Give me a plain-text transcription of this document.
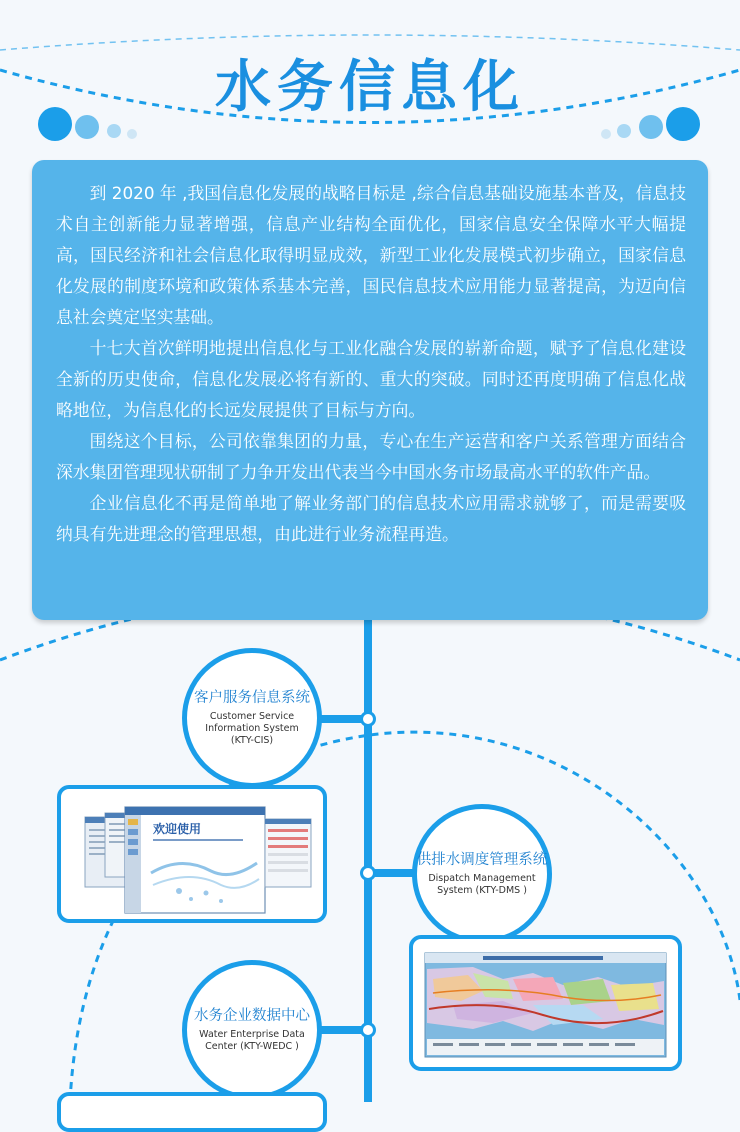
水务信息化

到 2020 年 ,我国信息化发展的战略目标是 ,综合信息基础设施基本普及，信息技术自主创新能力显著增强，信息产业结构全面优化，国家信息安全保障水平大幅提高，国民经济和社会信息化取得明显成效，新型工业化发展模式初步确立，国家信息化发展的制度环境和政策体系基本完善，国民信息技术应用能力显著提高，为迈向信息社会奠定坚实基础。

十七大首次鲜明地提出信息化与工业化融合发展的崭新命题，赋予了信息化建设全新的历史使命，信息化发展必将有新的、重大的突破。同时还再度明确了信息化战略地位，为信息化的长远发展提供了目标与方向。

围绕这个目标，公司依靠集团的力量，专心在生产运营和客户关系管理方面结合深水集团管理现状研制了力争开发出代表当今中国水务市场最高水平的软件产品。

企业信息化不再是简单地了解业务部门的信息技术应用需求就够了，而是需要吸纳具有先进理念的管理思想，由此进行业务流程再造。

客户服务信息系统
Customer Service Information System (KTY-CIS)
欢迎使用
供排水调度管理系统
Dispatch Management System (KTY-DMS )
水务企业数据中心
Water Enterprise Data Center (KTY-WEDC )
